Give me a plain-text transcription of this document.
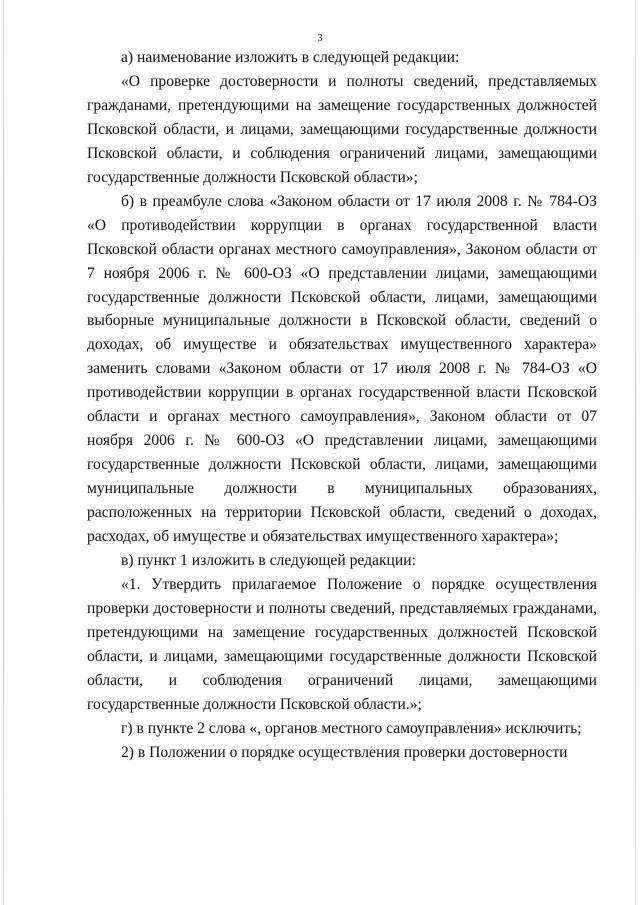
3

а) наименование изложить в следующей редакции:

«О проверке достоверности и полноты сведений, представляемых гражданами, претендующими на замещение государственных должностей Псковской области, и лицами, замещающими государственные должности Псковской области, и соблюдения ограничений лицами, замещающими государственные должности Псковской области»;

б) в преамбуле слова «Законом области от 17 июля 2008 г. № 784-ОЗ «О противодействии коррупции в органах государственной власти Псковской области органах местного самоуправления», Законом области от 7 ноября 2006 г. № 600-ОЗ «О представлении лицами, замещающими государственные должности Псковской области, лицами, замещающими выборные муниципальные должности в Псковской области, сведений о доходах, об имуществе и обязательствах имущественного характера» заменить словами «Законом области от 17 июля 2008 г. № 784-ОЗ «О противодействии коррупции в органах государственной власти Псковской области и органах местного самоуправления», Законом области от 07 ноября 2006 г. № 600-ОЗ «О представлении лицами, замещающими государственные должности Псковской области, лицами, замещающими муниципальные должности в муниципальных образованиях, расположенных на территории Псковской области, сведений о доходах, расходах, об имуществе и обязательствах имущественного характера»;

в) пункт 1 изложить в следующей редакции:

«1. Утвердить прилагаемое Положение о порядке осуществления проверки достоверности и полноты сведений, представляемых гражданами, претендующими на замещение государственных должностей Псковской области, и лицами, замещающими государственные должности Псковской области, и соблюдения ограничений лицами, замещающими государственные должности Псковской области.»;

г) в пункте 2 слова «, органов местного самоуправления» исключить;

2) в Положении о порядке осуществления проверки достоверности
